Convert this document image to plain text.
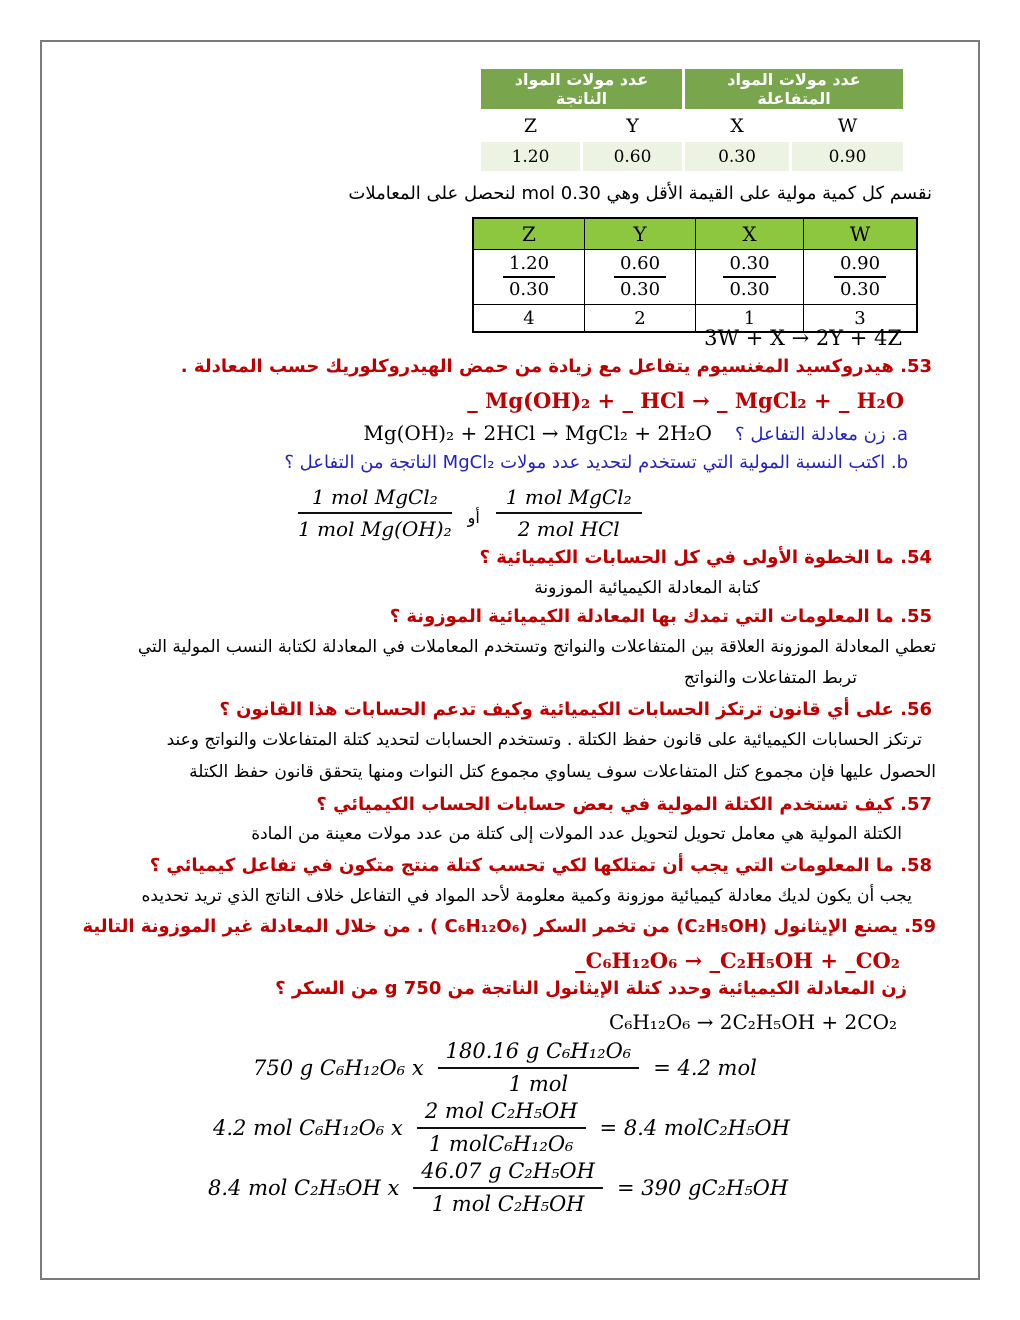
عدد مولات المواد الناتجة		عدد مولات المواد المتفاعلة	
Z	Y	X	W
1.20	0.60	0.30	0.90
نقسم كل كمية مولية على القيمة الأقل وهي 0.30 mol لنحصل على المعاملات
Z	Y	X	W

$\frac{1.20}{0.30}$	$\frac{0.60}{0.30}$	$\frac{0.30}{0.30}$	$\frac{0.90}{0.30}$

4	2	1	3
3W + X → 2Y + 4Z
53. هيدروكسيد المغنسيوم يتفاعل مع زيادة من حمض الهيدروكلوريك حسب المعادلة .
_ Mg(OH)₂ + _ HCl → _ MgCl₂ + _ H₂O
a. زن معادلة التفاعل ؟ Mg(OH)₂ + 2HCl → MgCl₂ + 2H₂O
b. اكتب النسبة المولية التي تستخدم لتحديد عدد مولات MgCl₂ الناتجة من التفاعل ؟
$\frac{\text{1 mol MgCl₂}}{\text{1 mol Mg(OH)₂}}$ أو $\frac{\text{1 mol MgCl₂}}{\text{2 mol HCl}}$
54. ما الخطوة الأولى في كل الحسابات الكيميائية ؟
كتابة المعادلة الكيميائية الموزونة
55. ما المعلومات التي تمدك بها المعادلة الكيميائية الموزونة ؟
تعطي المعادلة الموزونة العلاقة بين المتفاعلات والنواتج وتستخدم المعاملات في المعادلة لكتابة النسب المولية التي
تربط المتفاعلات والنواتج
56. على أي قانون ترتكز الحسابات الكيميائية وكيف تدعم الحسابات هذا القانون ؟
ترتكز الحسابات الكيميائية على قانون حفظ الكتلة . وتستخدم الحسابات لتحديد كتلة المتفاعلات والنواتج وعند
الحصول عليها فإن مجموع كتل المتفاعلات سوف يساوي مجموع كتل النوات ومنها يتحقق قانون حفظ الكتلة
57. كيف تستخدم الكتلة المولية في بعض حسابات الحساب الكيميائي ؟
الكتلة المولية هي معامل تحويل لتحويل عدد المولات إلى كتلة من عدد مولات معينة من المادة
58. ما المعلومات التي يجب أن تمتلكها لكي تحسب كتلة منتج متكون في تفاعل كيميائي ؟
يجب أن يكون لديك معادلة كيميائية موزونة وكمية معلومة لأحد المواد في التفاعل خلاف الناتج الذي تريد تحديده
59. يصنع الإيثانول (C₂H₅OH) من تخمر السكر (C₆H₁₂O₆ ) . من خلال المعادلة غير الموزونة التالية
_C₆H₁₂O₆ → _C₂H₅OH + _CO₂
زن المعادلة الكيميائية وحدد كتلة الإيثانول الناتجة من 750 g من السكر ؟
C₆H₁₂O₆ → 2C₂H₅OH + 2CO₂
750 g C₆H₁₂O₆ x $\frac{\text{180.16 g C₆H₁₂O₆}}{\text{1 mol}} = 4.2$ mol
4.2 mol C₆H₁₂O₆ x $\frac{\text{2 mol C₂H₅OH}}{\text{1 molC₆H₁₂O₆}} = 8.4$ molC₂H₅OH
8.4 mol C₂H₅OH x $\frac{\text{46.07 g C₂H₅OH}}{\text{1 mol C₂H₅OH}} = 390$ gC₂H₅OH
